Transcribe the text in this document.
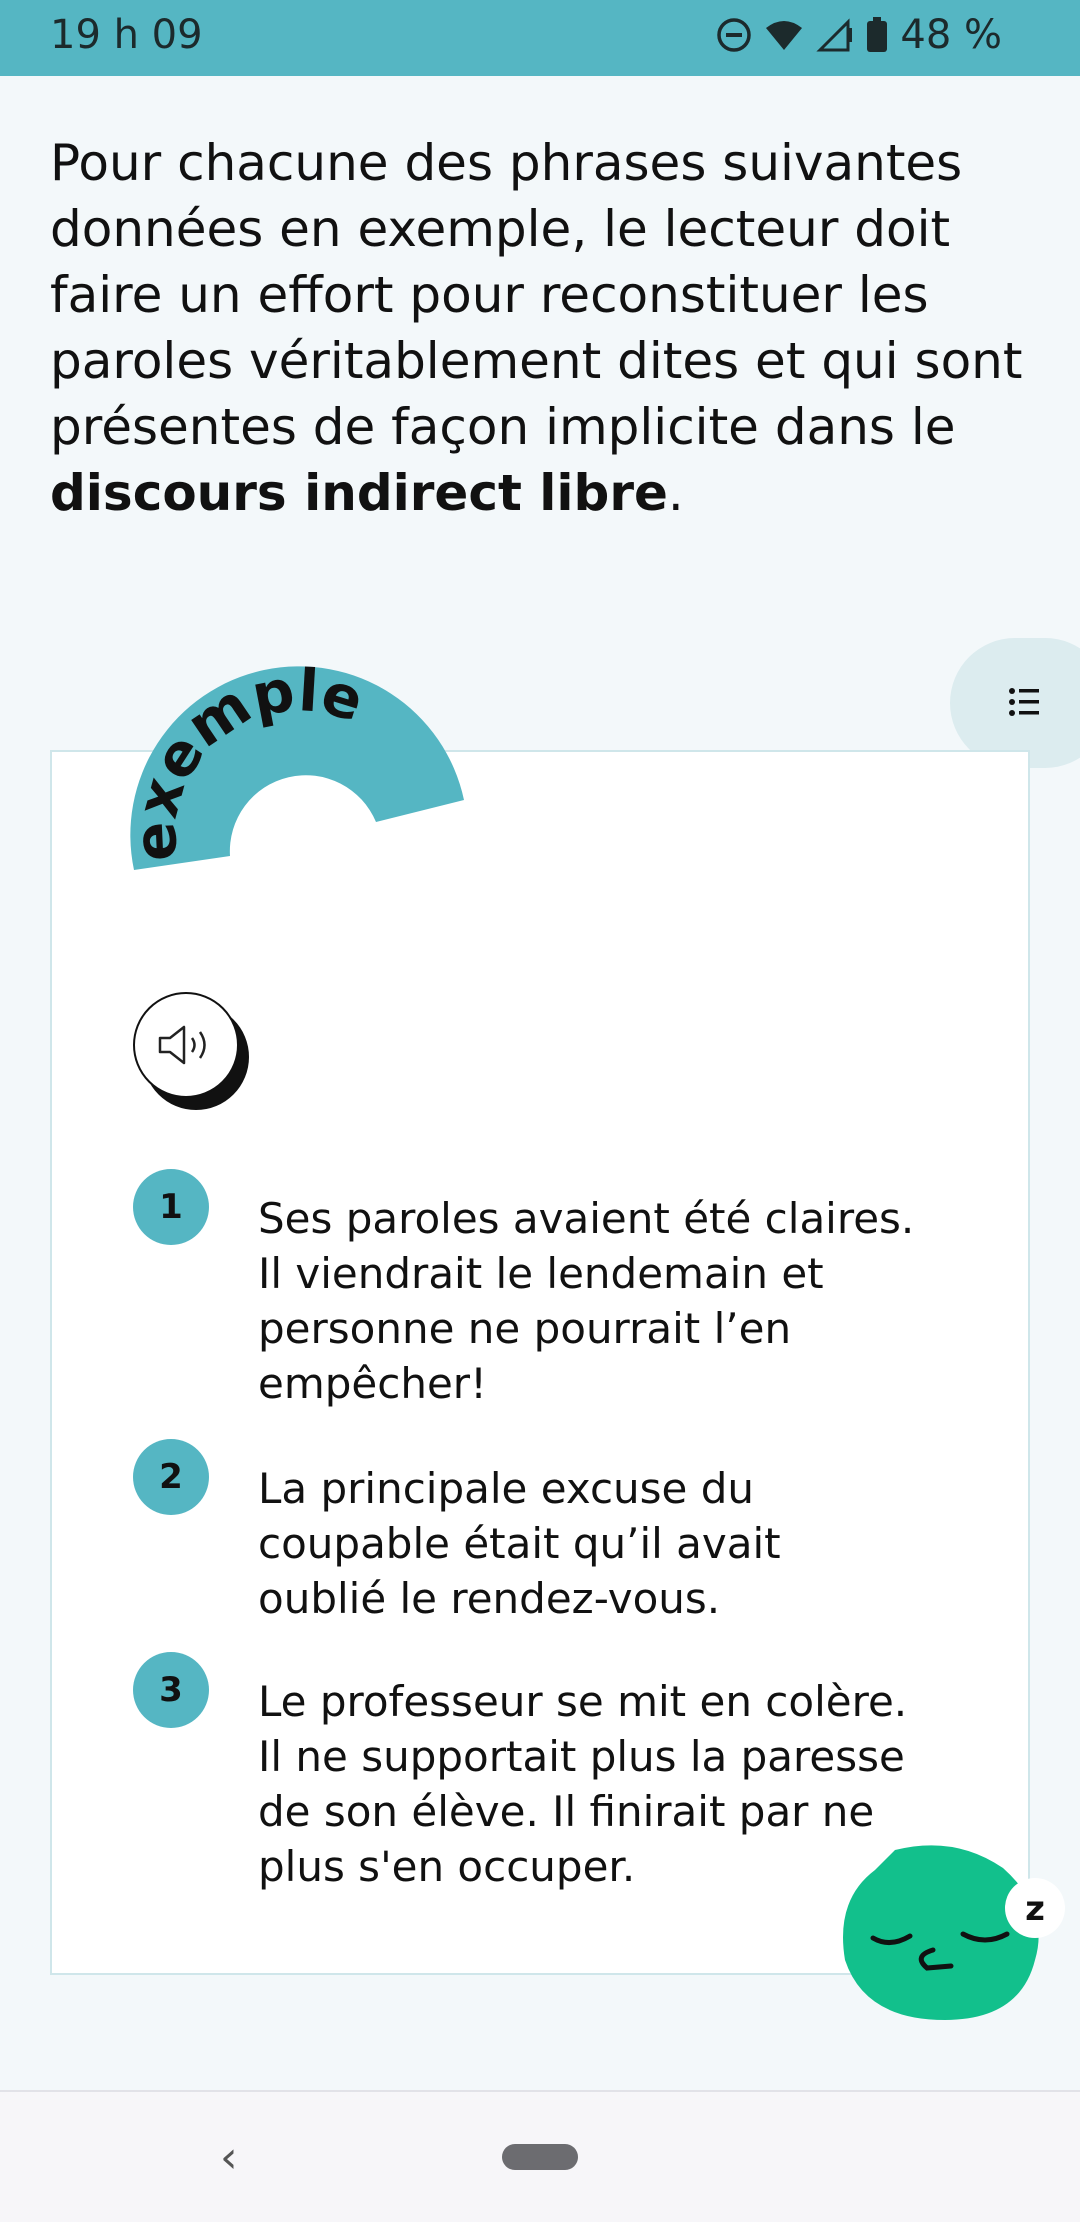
19 h 09	48 %

Pour chacune des phrases suivantes données en exemple, le lecteur doit faire un effort pour reconstituer les paroles véritablement dites et qui sont présentes de façon implicite dans le discours indirect libre.

exemple
1	Ses paroles avaient été claires.
Il viendrait le lendemain et
personne ne pourrait l’en
empêcher!
2	La principale excuse du
coupable était qu’il avait
oublié le rendez-vous.
3	Le professeur se mit en colère.
Il ne supportait plus la paresse
de son élève. Il finirait par ne
plus s'en occuper.
z
‹
